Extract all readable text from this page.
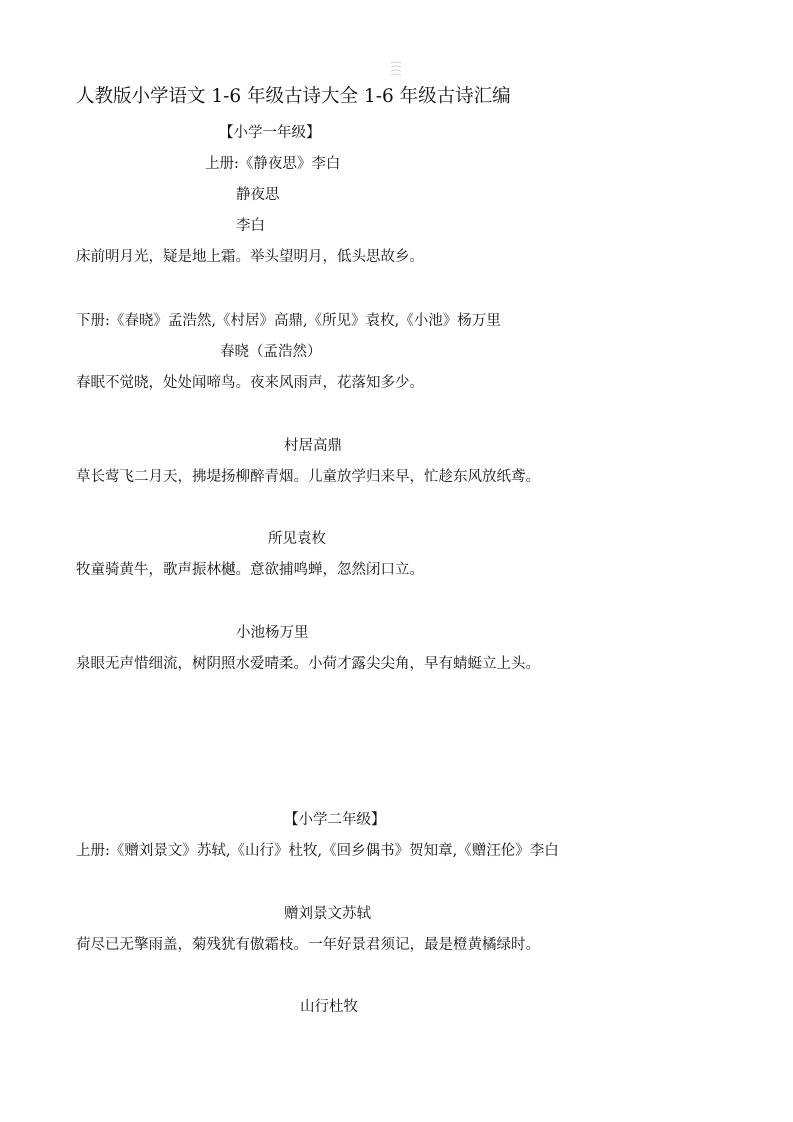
人教版小学语文 1-6 年级古诗大全 1-6 年级古诗汇编
【小学一年级】
上册:《静夜思》李白
静夜思
李白
床前明月光，疑是地上霜。举头望明月，低头思故乡。
下册:《春晓》孟浩然,《村居》高鼎,《所见》袁枚,《小池》杨万里
春晓（孟浩然）
春眠不觉晓，处处闻啼鸟。夜来风雨声，花落知多少。
村居高鼎
草长莺飞二月天，拂堤扬柳醉青烟。儿童放学归来早，忙趁东风放纸鸢。
所见袁枚
牧童骑黄牛，歌声振林樾。意欲捕鸣蝉，忽然闭口立。
小池杨万里
泉眼无声惜细流，树阴照水爱晴柔。小荷才露尖尖角，早有蜻蜓立上头。
【小学二年级】
上册:《赠刘景文》苏轼,《山行》杜牧,《回乡偶书》贺知章,《赠汪伦》李白
赠刘景文苏轼
荷尽已无擎雨盖，菊残犹有傲霜枝。一年好景君须记，最是橙黄橘绿时。
山行杜牧
